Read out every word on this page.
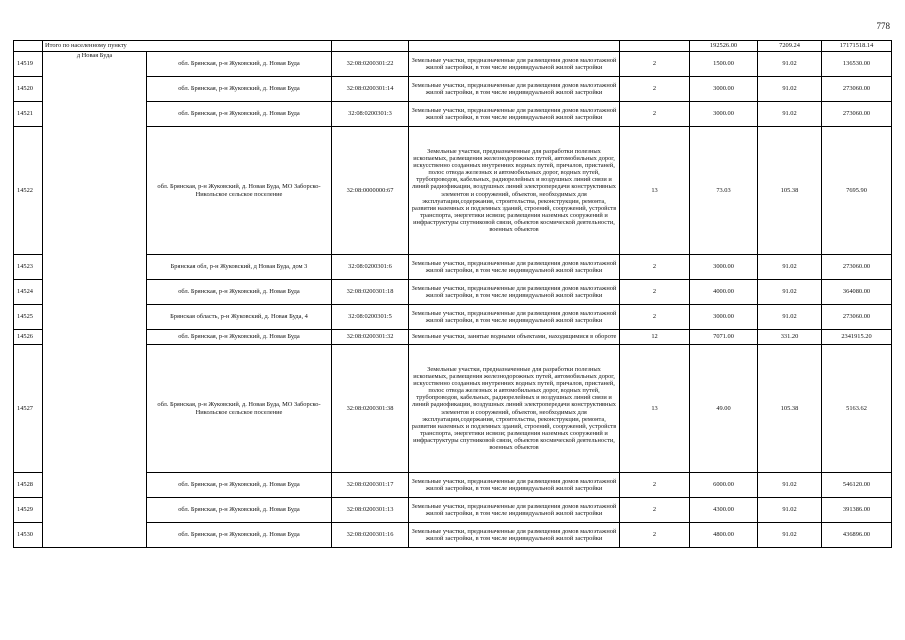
778
	Итого по населенному пункту					192526.00	7209.24	17171518.14
14519	д Новая Буда	обл. Брянская, р-н Жуковский, д. Новая Буда	32:08:0200301:22	Земельные участки, предназначенные для размещения домов малоэтажной жилой застройки, в том числе индивидуальной жилой застройки	2	1500.00	91.02	136530.00
14520		обл. Брянская, р-н Жуковский, д. Новая Буда	32:08:0200301:14	Земельные участки, предназначенные для размещения домов малоэтажной жилой застройки, в том числе индивидуальной жилой застройки	2	3000.00	91.02	273060.00
14521		обл. Брянская, р-н Жуковский, д. Новая Буда	32:08:0200301:3	Земельные участки, предназначенные для размещения домов малоэтажной жилой застройки, в том числе индивидуальной жилой застройки	2	3000.00	91.02	273060.00
14522		обл. Брянская, р-н Жуковский, д. Новая Буда, МО Заборско-Никольское сельское поселение	32:08:0000000:67	Земельные участки, предназначенные для разработки полезных ископаемых, размещения железнодорожных путей, автомобильных дорог, искусственно созданных внутренних водных путей, причалов, пристаней, полос отвода железных и автомобильных дорог, водных путей, трубопроводов, кабельных, радиорелейных и воздушных линий связи и линий радиофикации, воздушных линий электропередачи конструктивных элементов и сооружений, объектов, необходимых для эксплуатации,содержания, строительства, реконструкции, ремонта, развития наземных и подземных зданий, строений, сооружений, устройств транспорта, энергетики исвязи; размещения наземных сооружений и инфраструктуры спутниковой связи, объектов космической деятельности, военных объектов	13	73.03	105.38	7695.90
14523		Брянская обл, р-н Жуковский, д Новая Буда, дом 3	32:08:0200301:6	Земельные участки, предназначенные для размещения домов малоэтажной жилой застройки, в том числе индивидуальной жилой застройки	2	3000.00	91.02	273060.00
14524		обл. Брянская, р-н Жуковский, д. Новая Буда	32:08:0200301:18	Земельные участки, предназначенные для размещения домов малоэтажной жилой застройки, в том числе индивидуальной жилой застройки	2	4000.00	91.02	364080.00
14525		Брянская область, р-н Жуковский, д. Новая Буда, 4	32:08:0200301:5	Земельные участки, предназначенные для размещения домов малоэтажной жилой застройки, в том числе индивидуальной жилой застройки	2	3000.00	91.02	273060.00
14526		обл. Брянская, р-н Жуковский, д. Новая Буда	32:08:0200301:32	Земельные участки, занятые водными объектами, находящимися в обороте	12	7071.00	331.20	2341915.20
14527		обл. Брянская, р-н Жуковский, д. Новая Буда, МО Заборско-Никольское сельское поселение	32:08:0200301:38	Земельные участки, предназначенные для разработки полезных ископаемых, размещения железнодорожных путей, автомобильных дорог, искусственно созданных внутренних водных путей, причалов, пристаней, полос отвода железных и автомобильных дорог, водных путей, трубопроводов, кабельных, радиорелейных и воздушных линий связи и линий радиофикации, воздушных линий электропередачи конструктивных элементов и сооружений, объектов, необходимых для эксплуатации,содержания, строительства, реконструкции, ремонта, развития наземных и подземных зданий, строений, сооружений, устройств транспорта, энергетики исвязи; размещения наземных сооружений и инфраструктуры спутниковой связи, объектов космической деятельности, военных объектов	13	49.00	105.38	5163.62
14528		обл. Брянская, р-н Жуковский, д. Новая Буда	32:08:0200301:17	Земельные участки, предназначенные для размещения домов малоэтажной жилой застройки, в том числе индивидуальной жилой застройки	2	6000.00	91.02	546120.00
14529		обл. Брянская, р-н Жуковский, д. Новая Буда	32:08:0200301:13	Земельные участки, предназначенные для размещения домов малоэтажной жилой застройки, в том числе индивидуальной жилой застройки	2	4300.00	91.02	391386.00
14530		обл. Брянская, р-н Жуковский, д. Новая Буда	32:08:0200301:16	Земельные участки, предназначенные для размещения домов малоэтажной жилой застройки, в том числе индивидуальной жилой застройки	2	4800.00	91.02	436896.00
